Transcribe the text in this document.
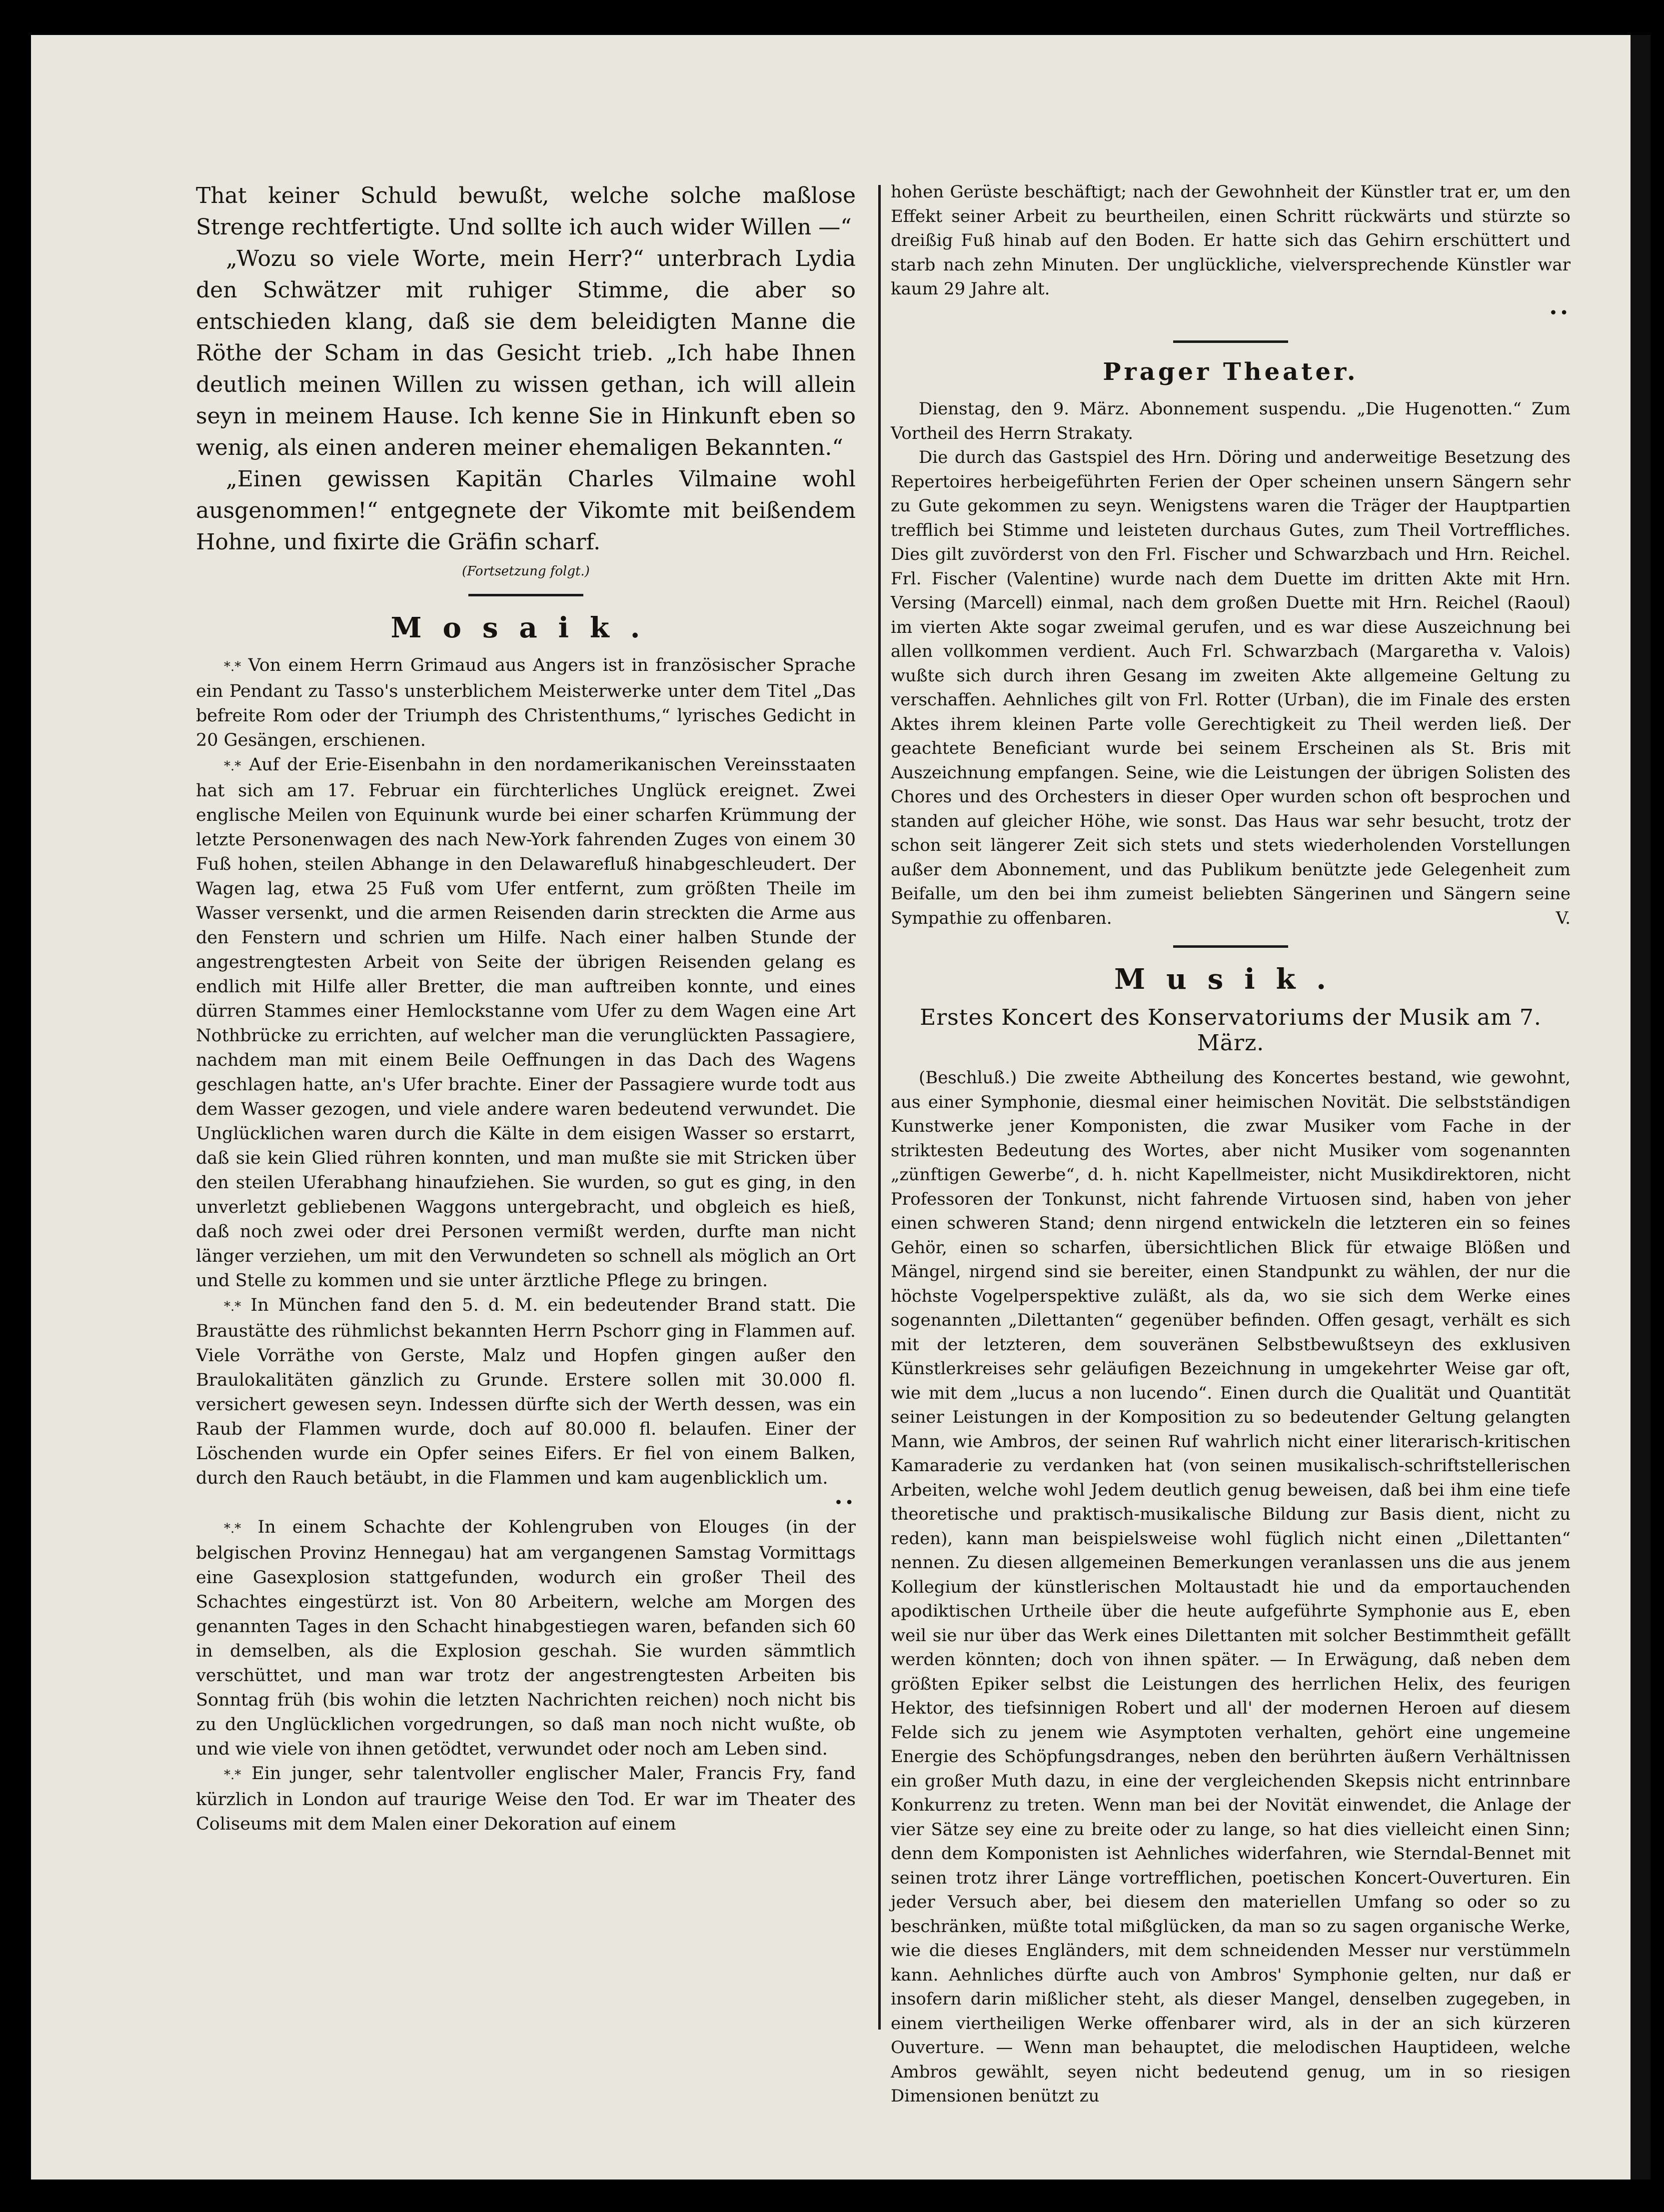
That keiner Schuld bewußt, welche solche maßlose Strenge rechtfertigte. Und sollte ich auch wider Willen —“

„Wozu so viele Worte, mein Herr?“ unterbrach Lydia den Schwätzer mit ruhiger Stimme, die aber so entschieden klang, daß sie dem beleidigten Manne die Röthe der Scham in das Gesicht trieb. „Ich habe Ihnen deutlich meinen Willen zu wissen gethan, ich will allein seyn in meinem Hause. Ich kenne Sie in Hinkunft eben so wenig, als einen anderen meiner ehemaligen Bekannten.“

„Einen gewissen Kapitän Charles Vilmaine wohl ausgenommen!“ entgegnete der Vikomte mit beißendem Hohne, und fixirte die Gräfin scharf.

(Fortsetzung folgt.)
Mosaik.

*.* Von einem Herrn Grimaud aus Angers ist in französischer Sprache ein Pendant zu Tasso's unsterblichem Meisterwerke unter dem Titel „Das befreite Rom oder der Triumph des Christenthums,“ lyrisches Gedicht in 20 Gesängen, erschienen.

*.* Auf der Erie-Eisenbahn in den nordamerikanischen Vereinsstaaten hat sich am 17. Februar ein fürchterliches Unglück ereignet. Zwei englische Meilen von Equinunk wurde bei einer scharfen Krümmung der letzte Personenwagen des nach New-York fahrenden Zuges von einem 30 Fuß hohen, steilen Abhange in den Delawarefluß hinabgeschleudert. Der Wagen lag, etwa 25 Fuß vom Ufer entfernt, zum größten Theile im Wasser versenkt, und die armen Reisenden darin streckten die Arme aus den Fenstern und schrien um Hilfe. Nach einer halben Stunde der angestrengtesten Arbeit von Seite der übrigen Reisenden gelang es endlich mit Hilfe aller Bretter, die man auftreiben konnte, und eines dürren Stammes einer Hemlockstanne vom Ufer zu dem Wagen eine Art Nothbrücke zu errichten, auf welcher man die verunglückten Passagiere, nachdem man mit einem Beile Oeffnungen in das Dach des Wagens geschlagen hatte, an's Ufer brachte. Einer der Passagiere wurde todt aus dem Wasser gezogen, und viele andere waren bedeutend verwundet. Die Unglücklichen waren durch die Kälte in dem eisigen Wasser so erstarrt, daß sie kein Glied rühren konnten, und man mußte sie mit Stricken über den steilen Uferabhang hinaufziehen. Sie wurden, so gut es ging, in den unverletzt gebliebenen Waggons untergebracht, und obgleich es hieß, daß noch zwei oder drei Personen vermißt werden, durfte man nicht länger verziehen, um mit den Verwundeten so schnell als möglich an Ort und Stelle zu kommen und sie unter ärztliche Pflege zu bringen.

*.* In München fand den 5. d. M. ein bedeutender Brand statt. Die Braustätte des rühmlichst bekannten Herrn Pschorr ging in Flammen auf. Viele Vorräthe von Gerste, Malz und Hopfen gingen außer den Braulokalitäten gänzlich zu Grunde. Erstere sollen mit 30.000 fl. versichert gewesen seyn. Indessen dürfte sich der Werth dessen, was ein Raub der Flammen wurde, doch auf 80.000 fl. belaufen. Einer der Löschenden wurde ein Opfer seines Eifers. Er fiel von einem Balken, durch den Rauch betäubt, in die Flammen und kam augenblicklich um.

••

*.* In einem Schachte der Kohlengruben von Elouges (in der belgischen Provinz Hennegau) hat am vergangenen Samstag Vormittags eine Gasexplosion stattgefunden, wodurch ein großer Theil des Schachtes eingestürzt ist. Von 80 Arbeitern, welche am Morgen des genannten Tages in den Schacht hinabgestiegen waren, befanden sich 60 in demselben, als die Explosion geschah. Sie wurden sämmtlich verschüttet, und man war trotz der angestrengtesten Arbeiten bis Sonntag früh (bis wohin die letzten Nachrichten reichen) noch nicht bis zu den Unglücklichen vorgedrungen, so daß man noch nicht wußte, ob und wie viele von ihnen getödtet, verwundet oder noch am Leben sind.

*.* Ein junger, sehr talentvoller englischer Maler, Francis Fry, fand kürzlich in London auf traurige Weise den Tod. Er war im Theater des Coliseums mit dem Malen einer Dekoration auf einem

hohen Gerüste beschäftigt; nach der Gewohnheit der Künstler trat er, um den Effekt seiner Arbeit zu beurtheilen, einen Schritt rückwärts und stürzte so dreißig Fuß hinab auf den Boden. Er hatte sich das Gehirn erschüttert und starb nach zehn Minuten. Der unglückliche, vielversprechende Künstler war kaum 29 Jahre alt.

••
Prager Theater.

Dienstag, den 9. März. Abonnement suspendu. „Die Hugenotten.“ Zum Vortheil des Herrn Strakaty.

Die durch das Gastspiel des Hrn. Döring und anderweitige Besetzung des Repertoires herbeigeführten Ferien der Oper scheinen unsern Sängern sehr zu Gute gekommen zu seyn. Wenigstens waren die Träger der Hauptpartien trefflich bei Stimme und leisteten durchaus Gutes, zum Theil Vortreffliches. Dies gilt zuvörderst von den Frl. Fischer und Schwarzbach und Hrn. Reichel. Frl. Fischer (Valentine) wurde nach dem Duette im dritten Akte mit Hrn. Versing (Marcell) einmal, nach dem großen Duette mit Hrn. Reichel (Raoul) im vierten Akte sogar zweimal gerufen, und es war diese Auszeichnung bei allen vollkommen verdient. Auch Frl. Schwarzbach (Margaretha v. Valois) wußte sich durch ihren Gesang im zweiten Akte allgemeine Geltung zu verschaffen. Aehnliches gilt von Frl. Rotter (Urban), die im Finale des ersten Aktes ihrem kleinen Parte volle Gerechtigkeit zu Theil werden ließ. Der geachtete Beneficiant wurde bei seinem Erscheinen als St. Bris mit Auszeichnung empfangen. Seine, wie die Leistungen der übrigen Solisten des Chores und des Orchesters in dieser Oper wurden schon oft besprochen und standen auf gleicher Höhe, wie sonst. Das Haus war sehr besucht, trotz der schon seit längerer Zeit sich stets und stets wiederholenden Vorstellungen außer dem Abonnement, und das Publikum benützte jede Gelegenheit zum Beifalle, um den bei ihm zumeist beliebten Sängerinen und Sängern seine Sympathie zu offenbaren.	V.

Musik.
Erstes Koncert des Konservatoriums der Musik am 7. März.

(Beschluß.) Die zweite Abtheilung des Koncertes bestand, wie gewohnt, aus einer Symphonie, diesmal einer heimischen Novität. Die selbstständigen Kunstwerke jener Komponisten, die zwar Musiker vom Fache in der striktesten Bedeutung des Wortes, aber nicht Musiker vom sogenannten „zünftigen Gewerbe“, d. h. nicht Kapellmeister, nicht Musikdirektoren, nicht Professoren der Tonkunst, nicht fahrende Virtuosen sind, haben von jeher einen schweren Stand; denn nirgend entwickeln die letzteren ein so feines Gehör, einen so scharfen, übersichtlichen Blick für etwaige Blößen und Mängel, nirgend sind sie bereiter, einen Standpunkt zu wählen, der nur die höchste Vogelperspektive zuläßt, als da, wo sie sich dem Werke eines sogenannten „Dilettanten“ gegenüber befinden. Offen gesagt, verhält es sich mit der letzteren, dem souveränen Selbstbewußtseyn des exklusiven Künstlerkreises sehr geläufigen Bezeichnung in umgekehrter Weise gar oft, wie mit dem „lucus a non lucendo“. Einen durch die Qualität und Quantität seiner Leistungen in der Komposition zu so bedeutender Geltung gelangten Mann, wie Ambros, der seinen Ruf wahrlich nicht einer literarisch-kritischen Kamaraderie zu verdanken hat (von seinen musikalisch-schriftstellerischen Arbeiten, welche wohl Jedem deutlich genug beweisen, daß bei ihm eine tiefe theoretische und praktisch-musikalische Bildung zur Basis dient, nicht zu reden), kann man beispielsweise wohl füglich nicht einen „Dilettanten“ nennen. Zu diesen allgemeinen Bemerkungen veranlassen uns die aus jenem Kollegium der künstlerischen Moltaustadt hie und da emportauchenden apodiktischen Urtheile über die heute aufgeführte Symphonie aus E, eben weil sie nur über das Werk eines Dilettanten mit solcher Bestimmtheit gefällt werden könnten; doch von ihnen später. — In Erwägung, daß neben dem größten Epiker selbst die Leistungen des herrlichen Helix, des feurigen Hektor, des tiefsinnigen Robert und all' der modernen Heroen auf diesem Felde sich zu jenem wie Asymptoten verhalten, gehört eine ungemeine Energie des Schöpfungsdranges, neben den berührten äußern Verhältnissen ein großer Muth dazu, in eine der vergleichenden Skepsis nicht entrinnbare Konkurrenz zu treten. Wenn man bei der Novität einwendet, die Anlage der vier Sätze sey eine zu breite oder zu lange, so hat dies vielleicht einen Sinn; denn dem Komponisten ist Aehnliches widerfahren, wie Sterndal-Bennet mit seinen trotz ihrer Länge vortrefflichen, poetischen Koncert-Ouverturen. Ein jeder Versuch aber, bei diesem den materiellen Umfang so oder so zu beschränken, müßte total mißglücken, da man so zu sagen organische Werke, wie die dieses Engländers, mit dem schneidenden Messer nur verstümmeln kann. Aehnliches dürfte auch von Ambros' Symphonie gelten, nur daß er insofern darin mißlicher steht, als dieser Mangel, denselben zugegeben, in einem viertheiligen Werke offenbarer wird, als in der an sich kürzeren Ouverture. — Wenn man behauptet, die melodischen Hauptideen, welche Ambros gewählt, seyen nicht bedeutend genug, um in so riesigen Dimensionen benützt zu
